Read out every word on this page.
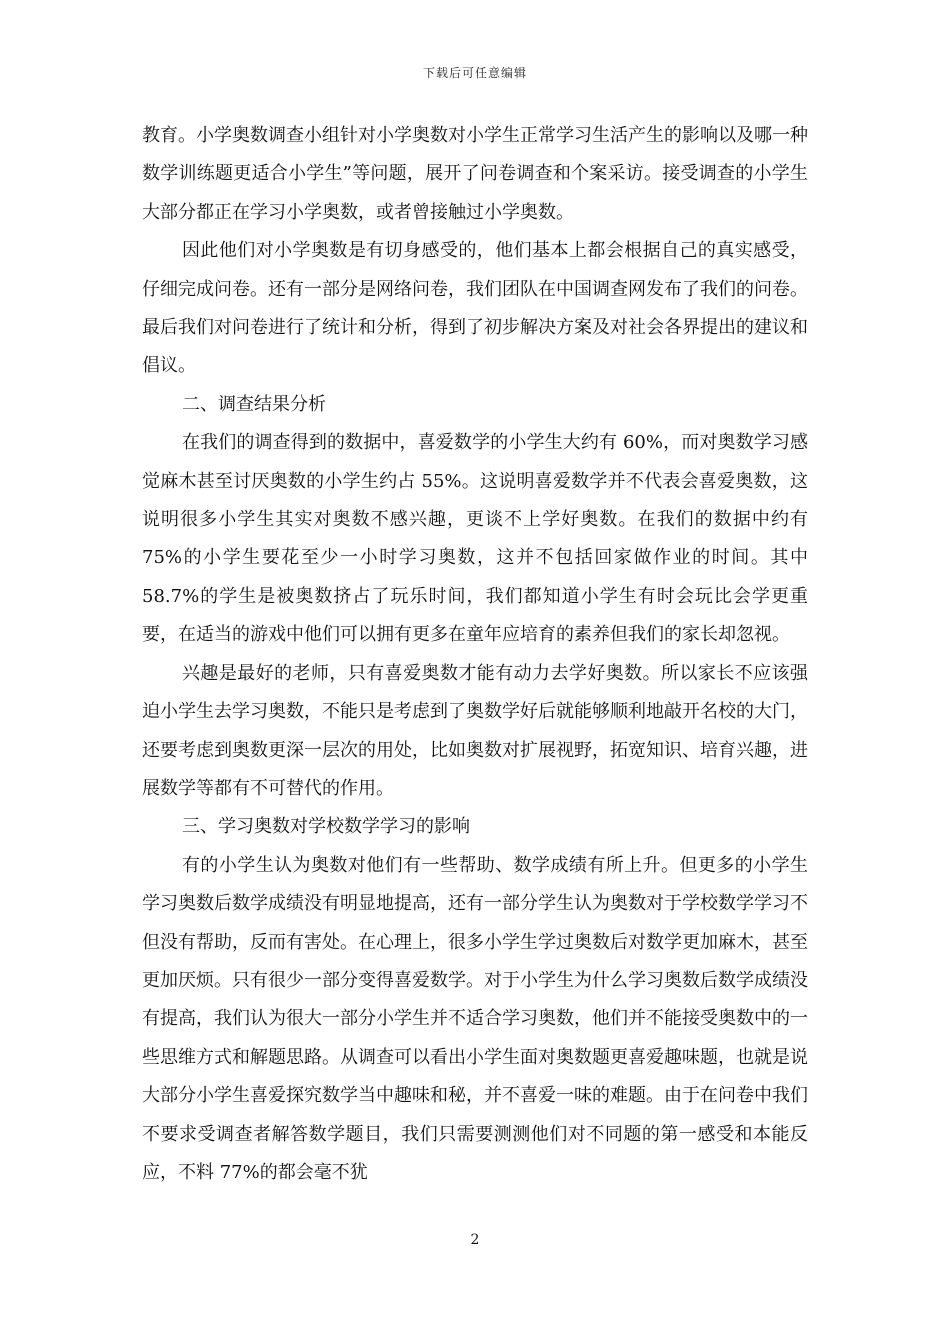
下载后可任意编辑

教育。小学奥数调查小组针对小学奥数对小学生正常学习生活产生的影响以及哪一种数学训练题更适合小学生”等问题，展开了问卷调查和个案采访。接受调查的小学生大部分都正在学习小学奥数，或者曾接触过小学奥数。

因此他们对小学奥数是有切身感受的，他们基本上都会根据自己的真实感受，仔细完成问卷。还有一部分是网络问卷，我们团队在中国调查网发布了我们的问卷。最后我们对问卷进行了统计和分析，得到了初步解决方案及对社会各界提出的建议和倡议。

二、调查结果分析

在我们的调查得到的数据中，喜爱数学的小学生大约有 60%，而对奥数学习感觉麻木甚至讨厌奥数的小学生约占 55%。这说明喜爱数学并不代表会喜爱奥数，这说明很多小学生其实对奥数不感兴趣，更谈不上学好奥数。在我们的数据中约有 75%的小学生要花至少一小时学习奥数，这并不包括回家做作业的时间。其中 58.7%的学生是被奥数挤占了玩乐时间，我们都知道小学生有时会玩比会学更重要，在适当的游戏中他们可以拥有更多在童年应培育的素养但我们的家长却忽视。

兴趣是最好的老师，只有喜爱奥数才能有动力去学好奥数。所以家长不应该强迫小学生去学习奥数，不能只是考虑到了奥数学好后就能够顺利地敲开名校的大门，还要考虑到奥数更深一层次的用处，比如奥数对扩展视野，拓宽知识、培育兴趣，进展数学等都有不可替代的作用。

三、学习奥数对学校数学学习的影响

有的小学生认为奥数对他们有一些帮助、数学成绩有所上升。但更多的小学生学习奥数后数学成绩没有明显地提高，还有一部分学生认为奥数对于学校数学学习不但没有帮助，反而有害处。在心理上，很多小学生学过奥数后对数学更加麻木，甚至更加厌烦。只有很少一部分变得喜爱数学。对于小学生为什么学习奥数后数学成绩没有提高，我们认为很大一部分小学生并不适合学习奥数，他们并不能接受奥数中的一些思维方式和解题思路。从调查可以看出小学生面对奥数题更喜爱趣味题，也就是说大部分小学生喜爱探究数学当中趣味和秘，并不喜爱一味的难题。由于在问卷中我们不要求受调查者解答数学题目，我们只需要测测他们对不同题的第一感受和本能反应，不料 77%的都会毫不犹

2
